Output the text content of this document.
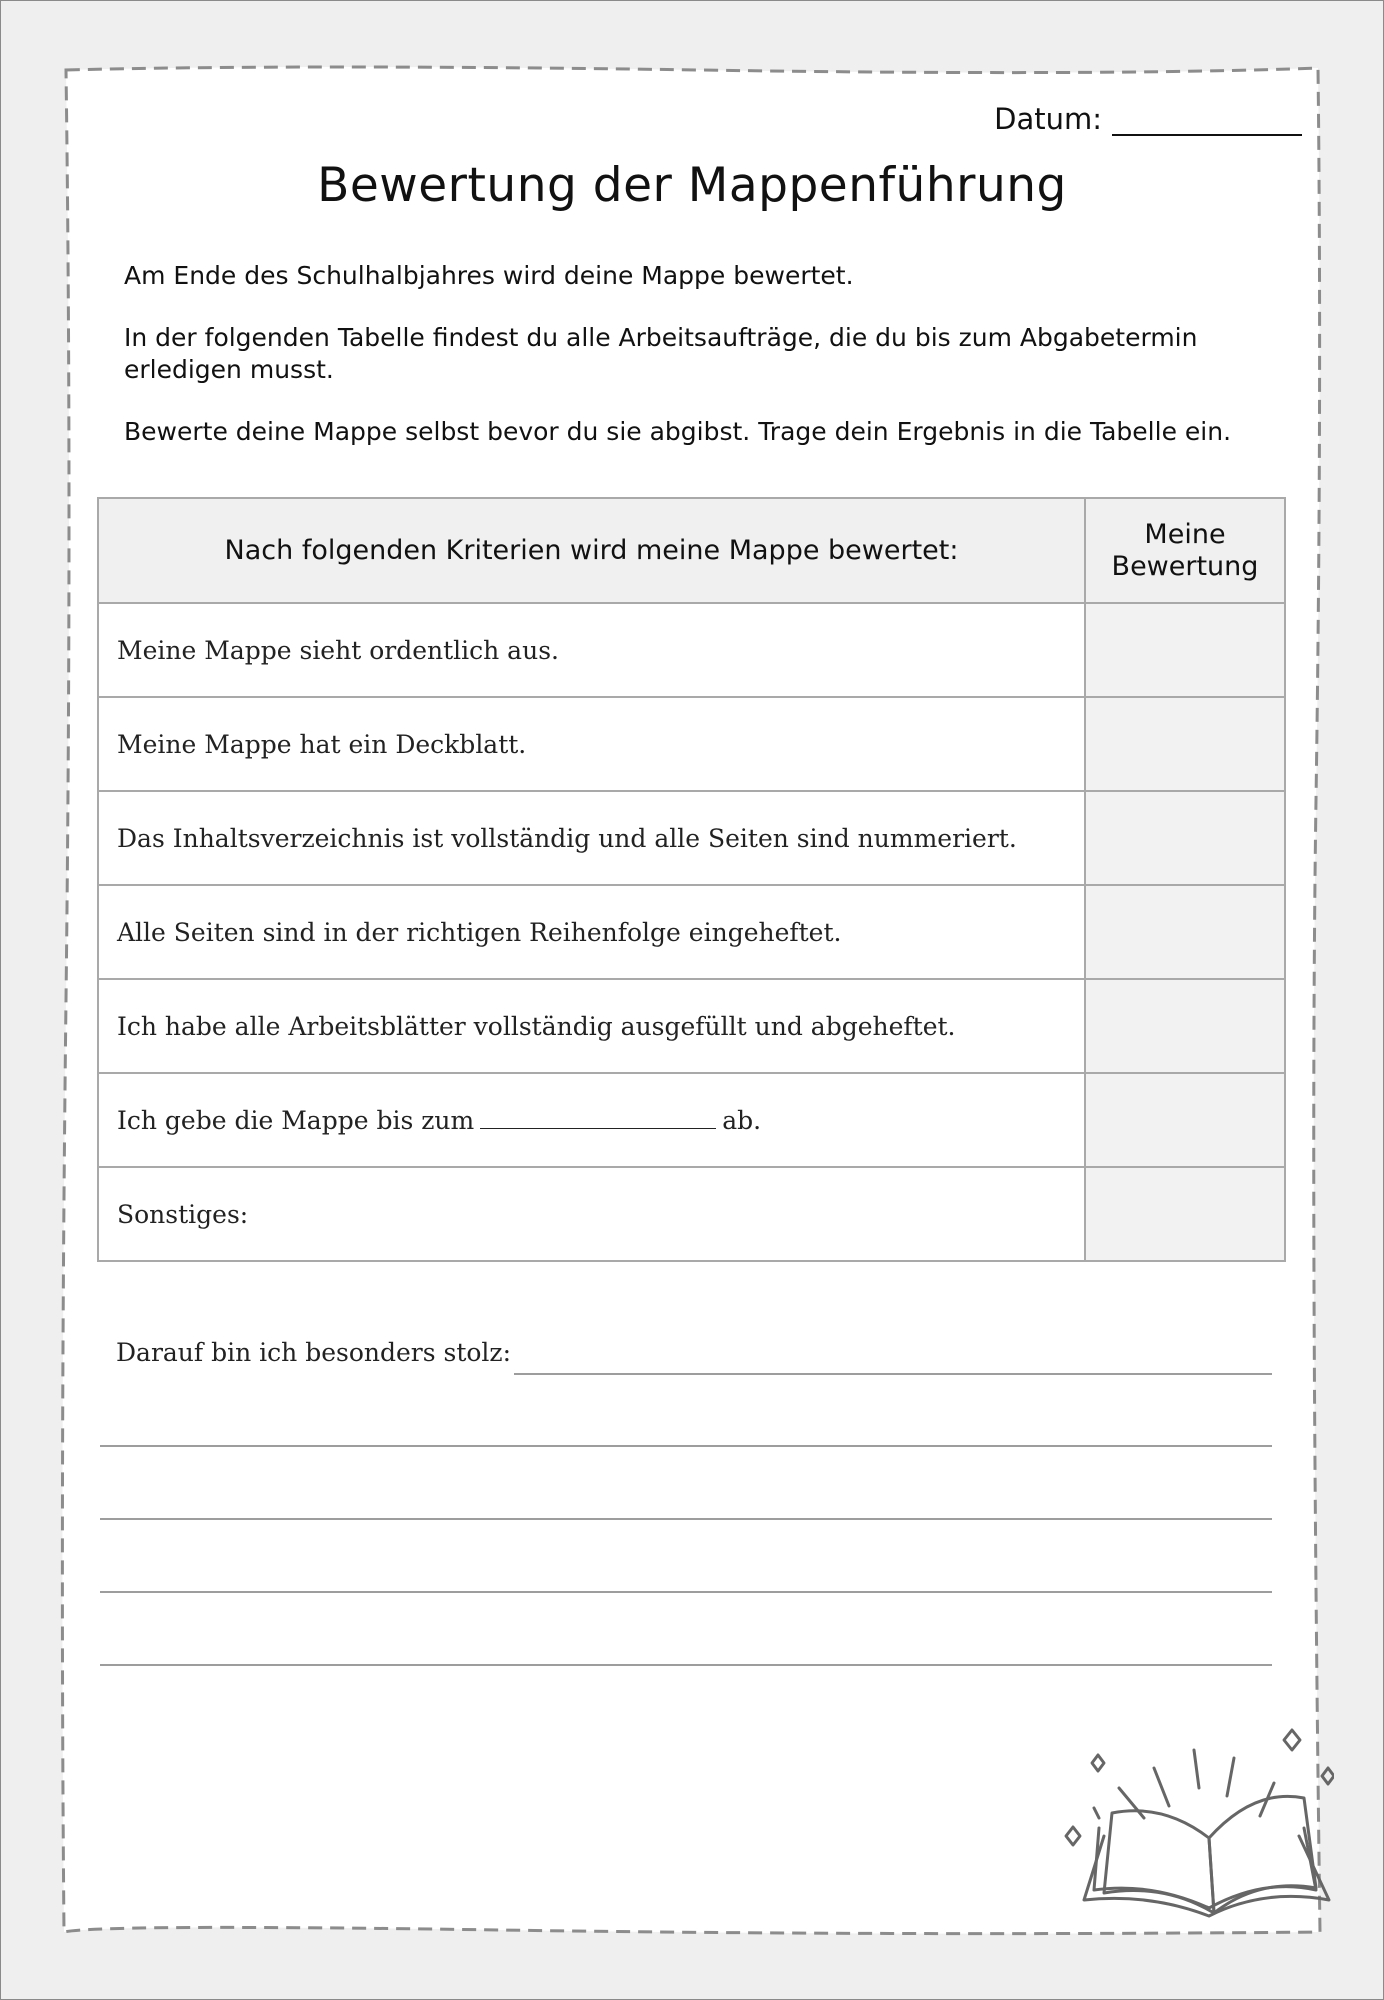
Datum:
Bewertung der Mappenführung

Am Ende des Schulhalbjahres wird deine Mappe bewertet.

In der folgenden Tabelle findest du alle Arbeitsaufträge, die du bis zum Abgabetermin erledigen musst.

Bewerte deine Mappe selbst bevor du sie abgibst. Trage dein Ergebnis in die Tabelle ein.

Nach folgenden Kriterien wird meine Mappe bewertet:	Meine
Bewertung
Meine Mappe sieht ordentlich aus.	
Meine Mappe hat ein Deckblatt.	
Das Inhaltsverzeichnis ist vollständig und alle Seiten sind nummeriert.	
Alle Seiten sind in der richtigen Reihenfolge eingeheftet.	
Ich habe alle Arbeitsblätter vollständig ausgefüllt und abgeheftet.	
Ich gebe die Mappe bis zum ab.	
Sonstiges:	
Darauf bin ich besonders stolz:
